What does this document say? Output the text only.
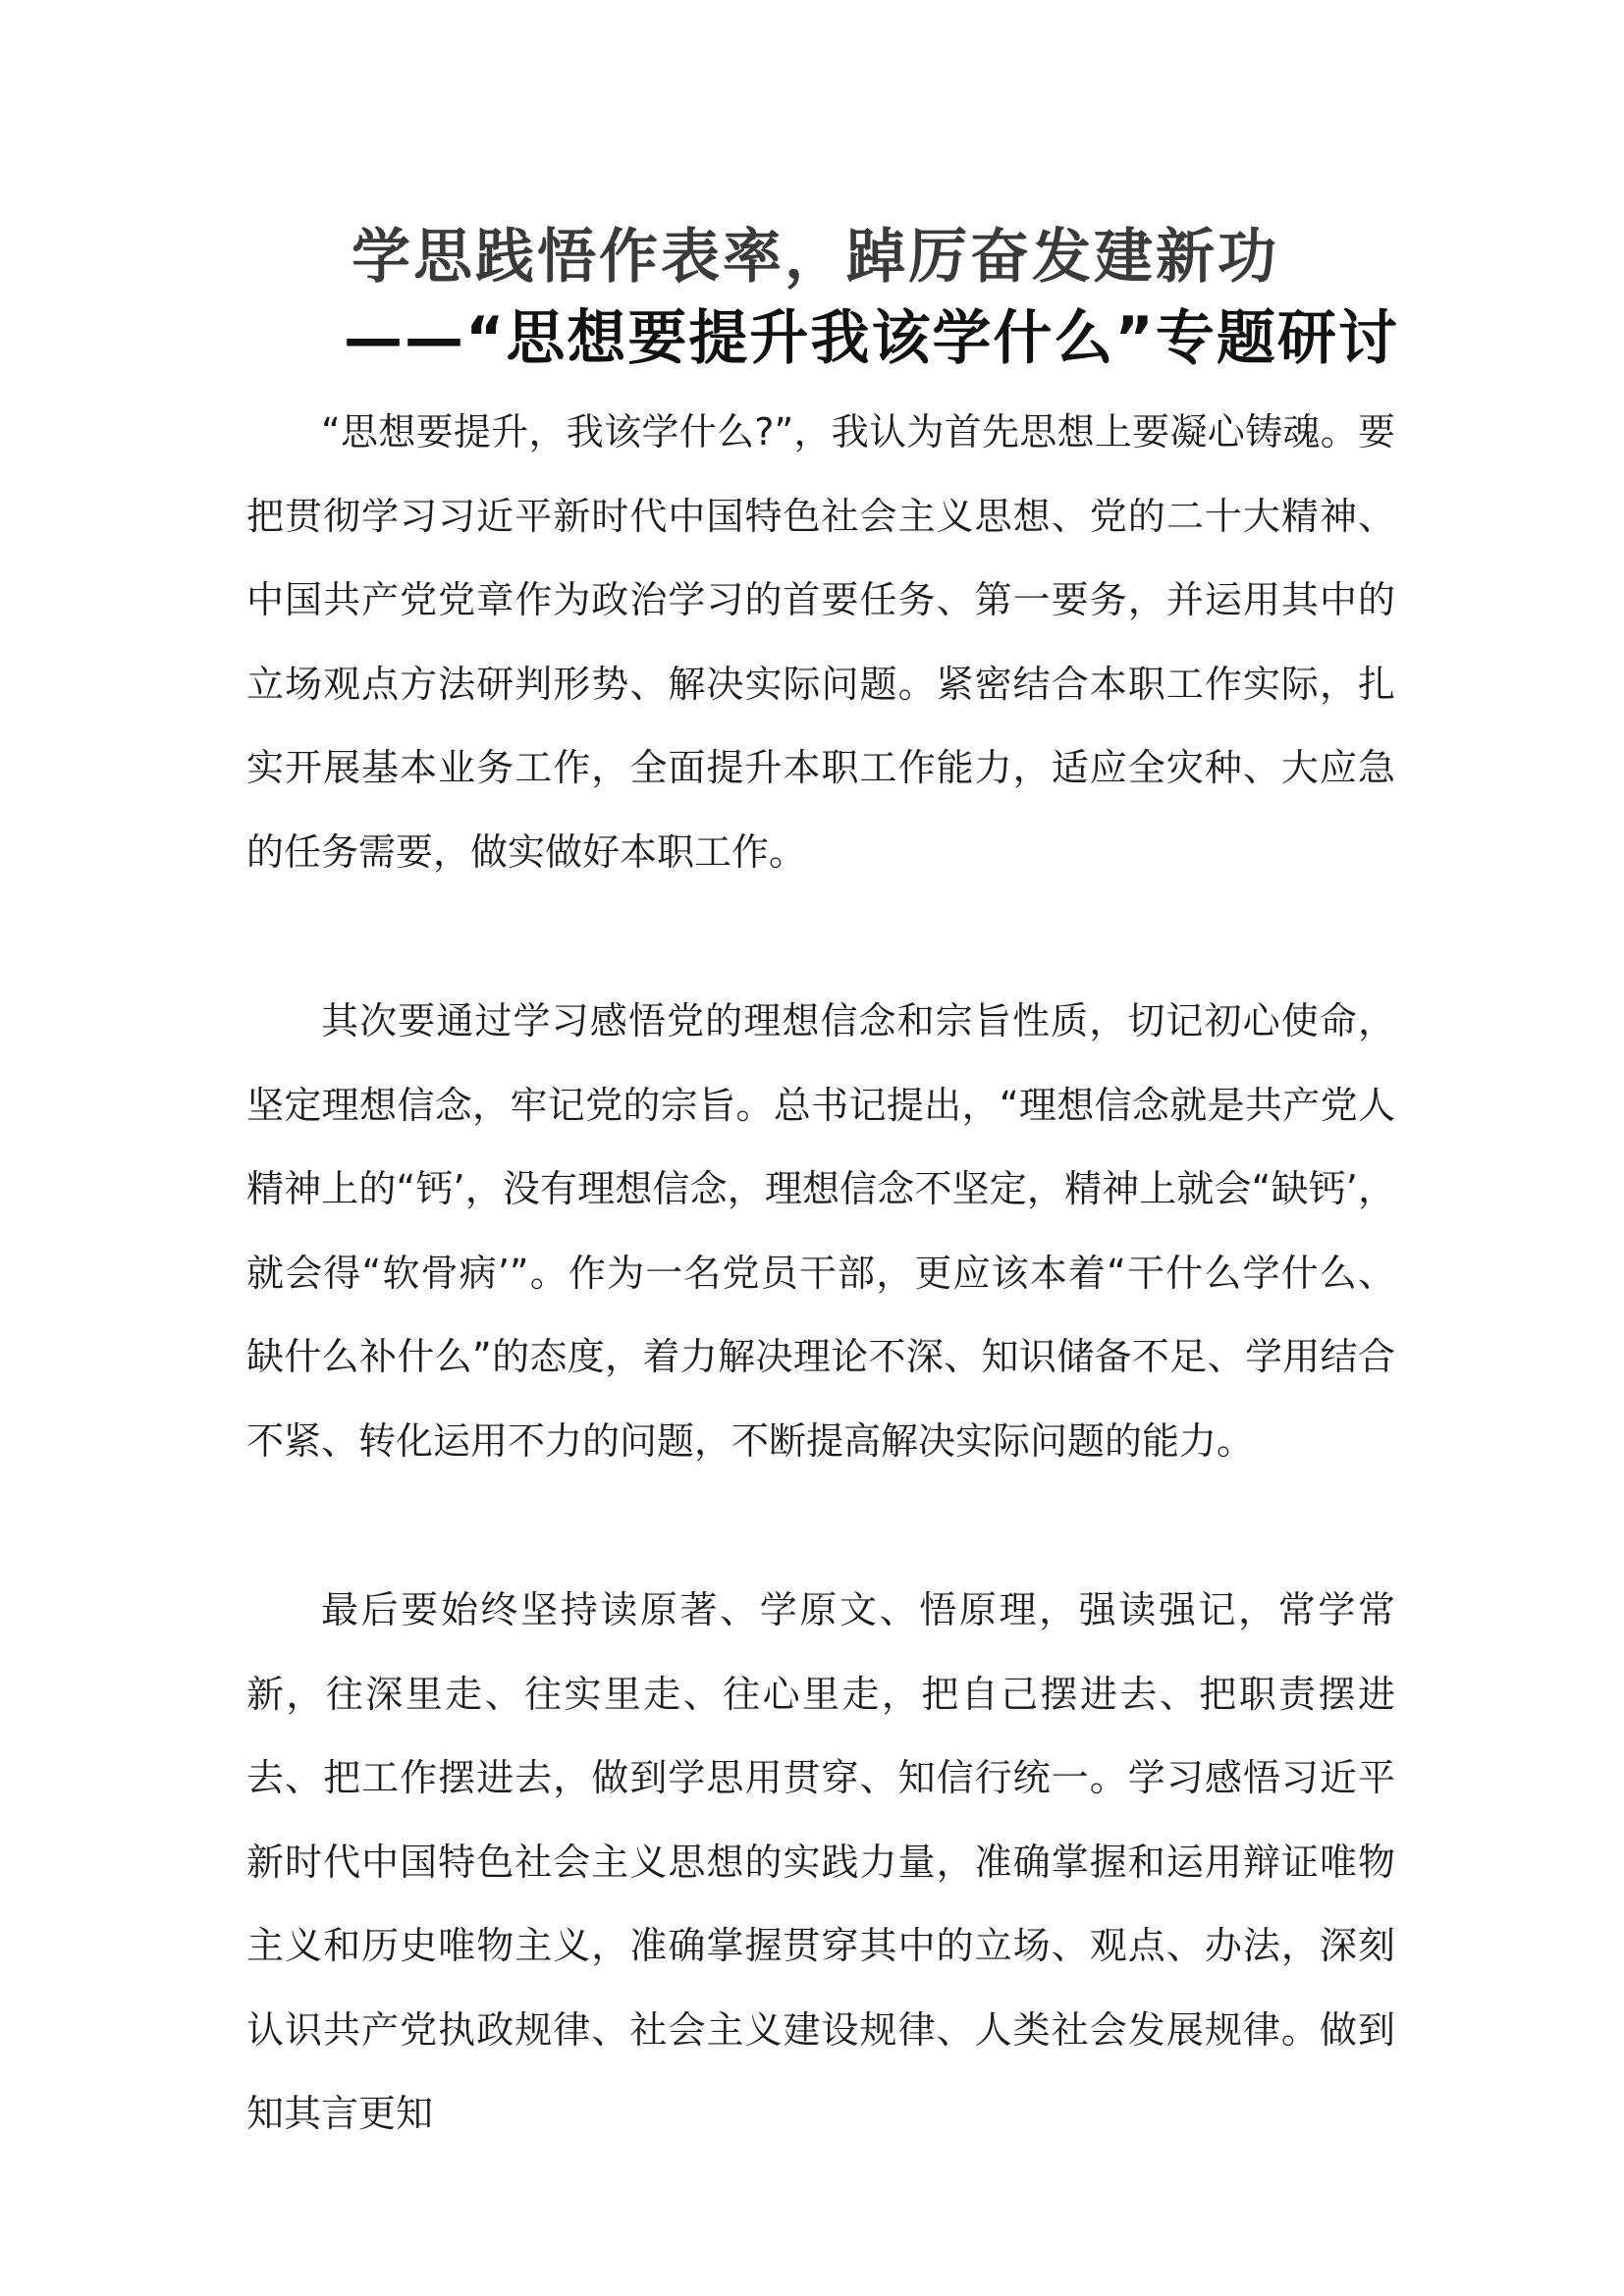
学思践悟作表率，踔厉奋发建新功
——“思想要提升我该学什么”专题研讨

“思想要提升，我该学什么?”，我认为首先思想上要凝心铸魂。要把贯彻学习习近平新时代中国特色社会主义思想、党的二十大精神、中国共产党党章作为政治学习的首要任务、第一要务，并运用其中的立场观点方法研判形势、解决实际问题。紧密结合本职工作实际，扎实开展基本业务工作，全面提升本职工作能力，适应全灾种、大应急的任务需要，做实做好本职工作。

其次要通过学习感悟党的理想信念和宗旨性质，切记初心使命，坚定理想信念，牢记党的宗旨。总书记提出，“理想信念就是共产党人精神上的“钙’，没有理想信念，理想信念不坚定，精神上就会“缺钙’，就会得“软骨病’”。作为一名党员干部，更应该本着“干什么学什么、缺什么补什么”的态度，着力解决理论不深、知识储备不足、学用结合不紧、转化运用不力的问题，不断提高解决实际问题的能力。

最后要始终坚持读原著、学原文、悟原理，强读强记，常学常新，往深里走、往实里走、往心里走，把自己摆进去、把职责摆进去、把工作摆进去，做到学思用贯穿、知信行统一。学习感悟习近平新时代中国特色社会主义思想的实践力量，准确掌握和运用辩证唯物主义和历史唯物主义，准确掌握贯穿其中的立场、观点、办法，深刻认识共产党执政规律、社会主义建设规律、人类社会发展规律。做到知其言更知
